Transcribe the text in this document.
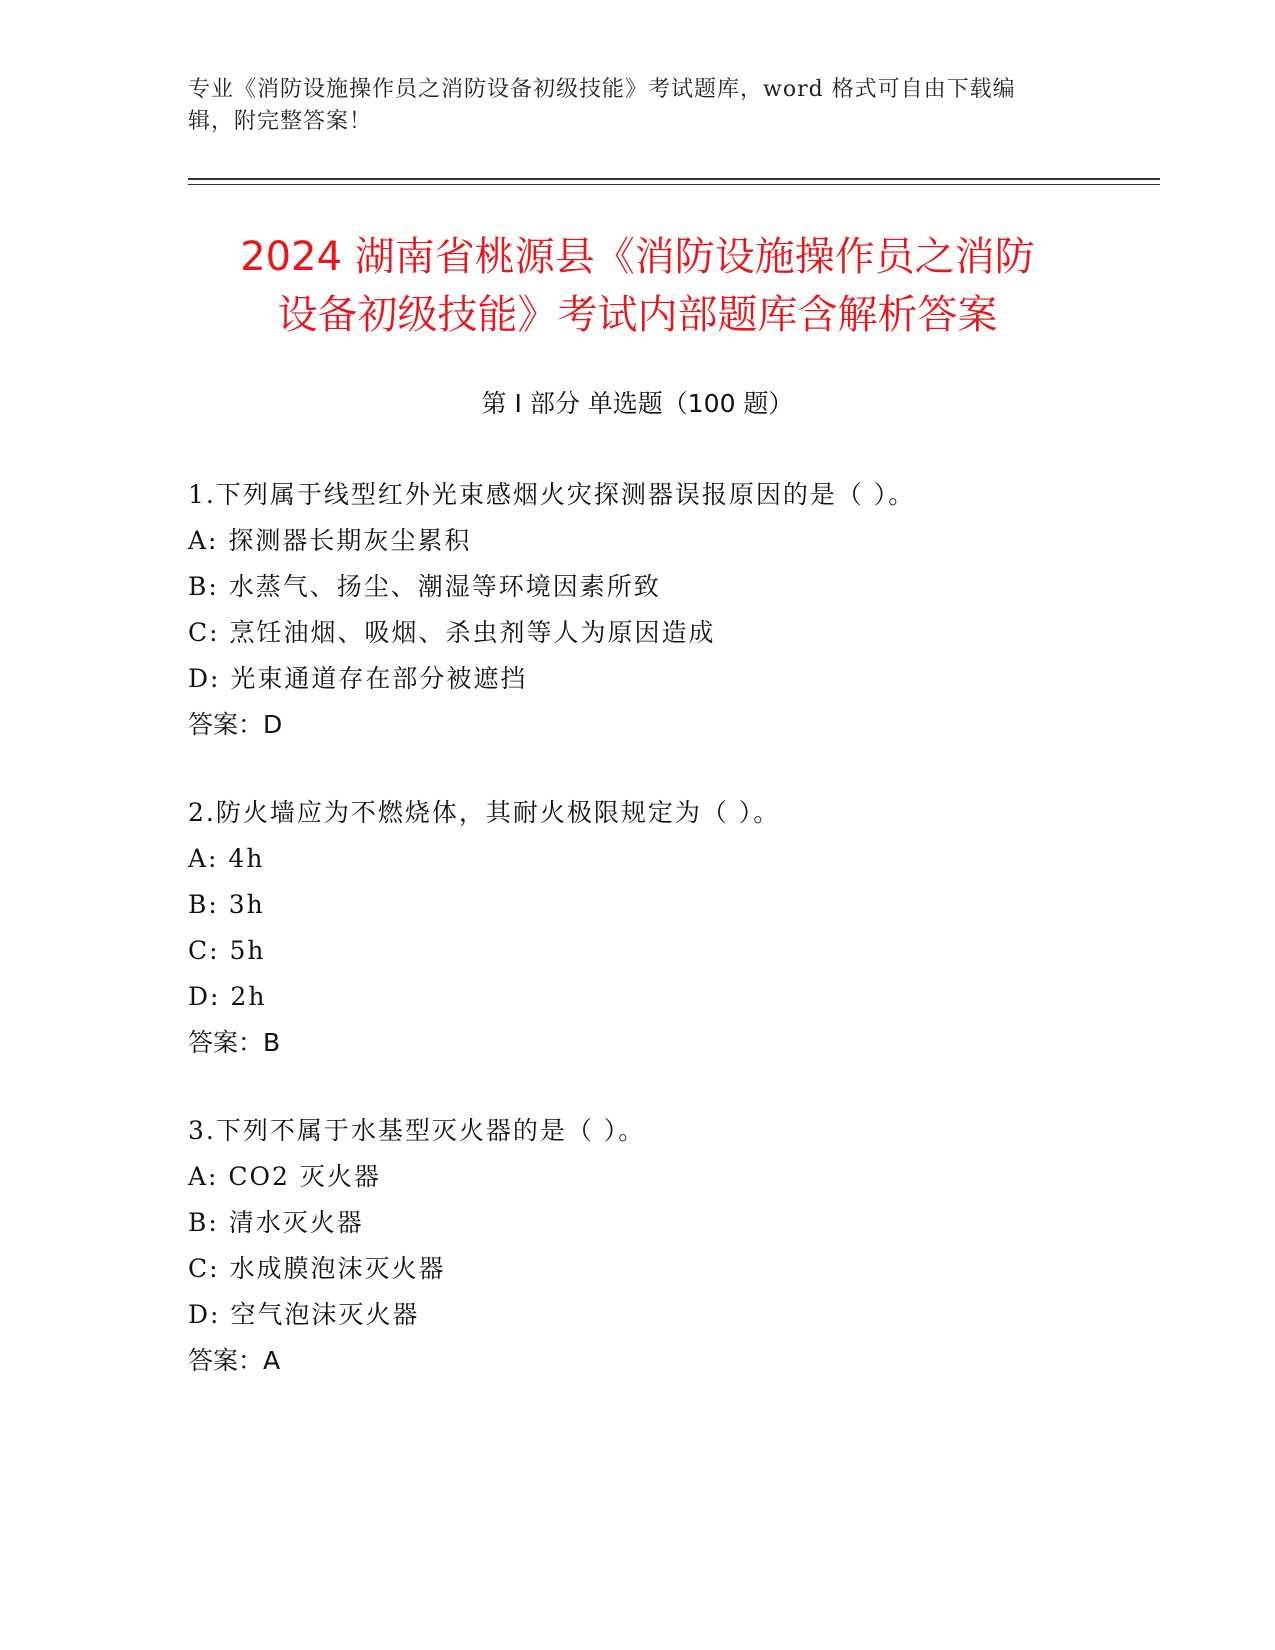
专业《消防设施操作员之消防设备初级技能》考试题库，word 格式可自由下载编
辑，附完整答案！
2024 湖南省桃源县《消防设施操作员之消防
设备初级技能》考试内部题库含解析答案
第 I 部分 单选题（100 题）
1.下列属于线型红外光束感烟火灾探测器误报原因的是（ ）。
A: 探测器长期灰尘累积
B: 水蒸气、扬尘、潮湿等环境因素所致
C: 烹饪油烟、吸烟、杀虫剂等人为原因造成
D: 光束通道存在部分被遮挡
答案：D
2.防火墙应为不燃烧体，其耐火极限规定为（ ）。
A: 4h
B: 3h
C: 5h
D: 2h
答案：B
3.下列不属于水基型灭火器的是（ ）。
A: CO2 灭火器
B: 清水灭火器
C: 水成膜泡沫灭火器
D: 空气泡沫灭火器
答案：A
